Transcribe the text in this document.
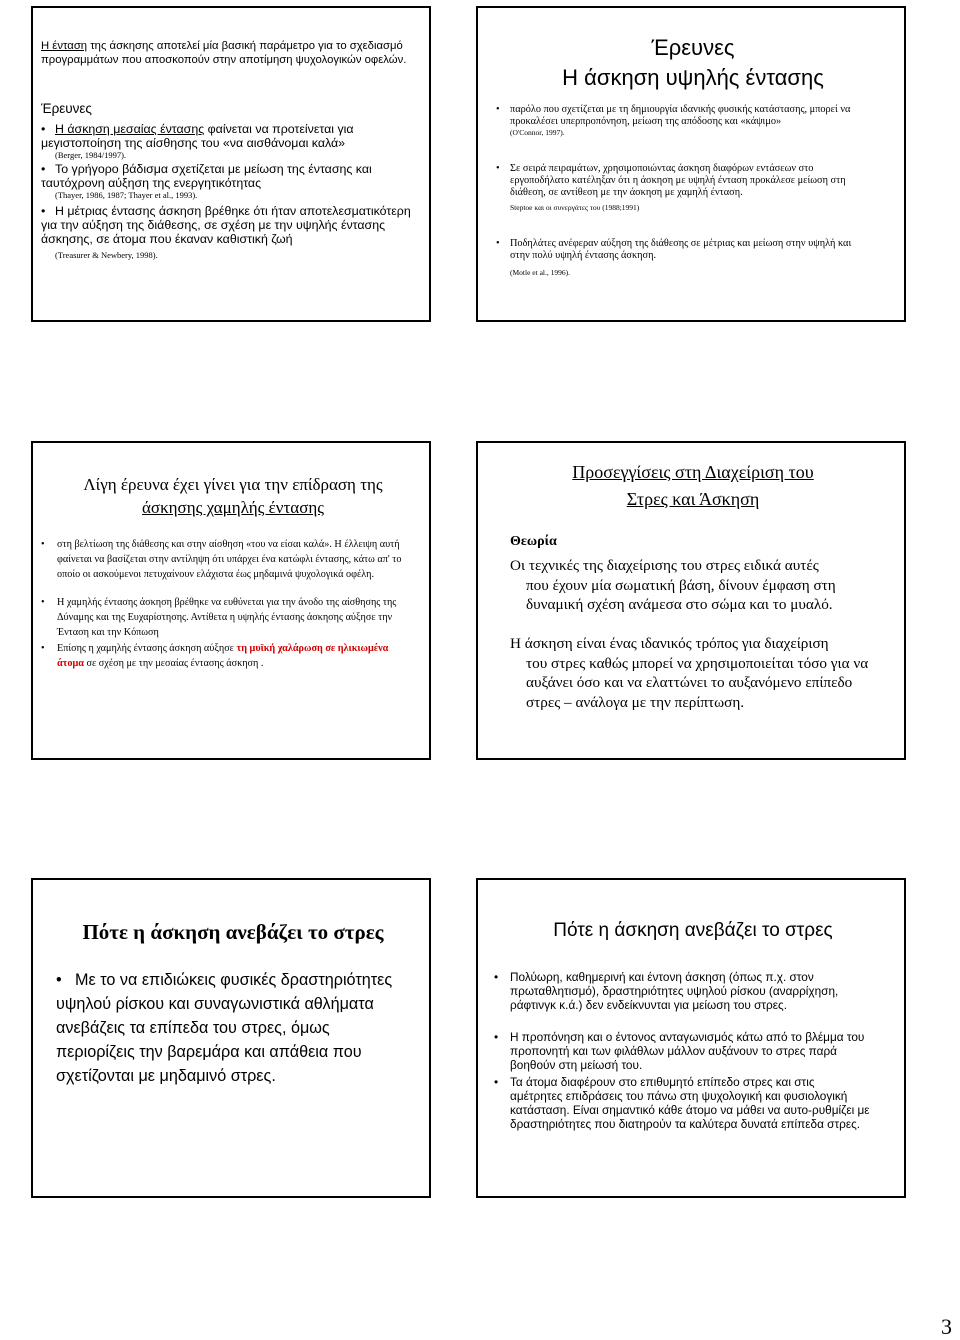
Η ένταση της άσκησης αποτελεί μία βασική παράμετρο για το σχεδιασμό προγραμμάτων που αποσκοπούν στην αποτίμηση ψυχολογικών οφελών.
Έρευνες
• Η άσκηση μεσαίας έντασης φαίνεται να προτείνεται για μεγιστοποίηση της αίσθησης του «να αισθάνομαι καλά»
(Berger, 1984/1997).
• Το γρήγορο βάδισμα σχετίζεται με μείωση της έντασης και ταυτόχρονη αύξηση της ενεργητικότητας
(Thayer, 1986, 1987; Thayer et al., 1993).
• Η μέτριας έντασης άσκηση βρέθηκε ότι ήταν αποτελεσματικότερη για την αύξηση της διάθεσης, σε σχέση με την υψηλής έντασης άσκησης, σε άτομα που έκαναν καθιστική ζωή
(Treasurer & Newbery, 1998).
Έρευνες
Η άσκηση υψηλής έντασης
• παρόλο που σχετίζεται με τη δημιουργία ιδανικής φυσικής κατάστασης, μπορεί να προκαλέσει υπερπροπόνηση, μείωση της απόδοσης και «κάψιμο»
(O'Connor, 1997).
• Σε σειρά πειραμάτων, χρησιμοποιώντας άσκηση διαφόρων εντάσεων στο εργοποδήλατο κατέληξαν ότι η άσκηση με υψηλή ένταση προκάλεσε μείωση στη διάθεση, σε αντίθεση με την άσκηση με χαμηλή ένταση.
Steptoe και οι συνεργάτες του (1988;1991)
• Ποδηλάτες ανέφεραν αύξηση της διάθεσης σε μέτριας και μείωση στην υψηλή και στην πολύ υψηλή έντασης άσκηση.
(Motle et al., 1996).
Λίγη έρευνα έχει γίνει για την επίδραση της
άσκησης χαμηλής έντασης
• στη βελτίωση της διάθεσης και στην αίσθηση «του να είσαι καλά». Η έλλειψη αυτή φαίνεται να βασίζεται στην αντίληψη ότι υπάρχει ένα κατώφλι έντασης, κάτω απ' το οποίο οι ασκούμενοι πετυχαίνουν ελάχιστα έως μηδαμινά ψυχολογικά οφέλη.
• Η χαμηλής έντασης άσκηση βρέθηκε να ευθύνεται για την άνοδο της αίσθησης της Δύναμης και της Ευχαρίστησης. Αντίθετα η υψηλής έντασης άσκησης αύξησε την Ένταση και την Κόπωση
• Επίσης η χαμηλής έντασης άσκηση αύξησε τη μυϊκή χαλάρωση σε ηλικιωμένα άτομα σε σχέση με την μεσαίας έντασης άσκηση .
Προσεγγίσεις στη Διαχείριση του
Στρες και Άσκηση
Θεωρία
Οι τεχνικές της διαχείρισης του στρες ειδικά αυτές
που έχουν μία σωματική βάση, δίνουν έμφαση στη δυναμική σχέση ανάμεσα στο σώμα και το μυαλό.
Η άσκηση είναι ένας ιδανικός τρόπος για διαχείριση
του στρες καθώς μπορεί να χρησιμοποιείται τόσο για να αυξάνει όσο και να ελαττώνει το αυξανόμενο επίπεδο στρες – ανάλογα με την περίπτωση.
Πότε η άσκηση ανεβάζει το στρες
• Με το να επιδιώκεις φυσικές δραστηριότητες υψηλού ρίσκου και συναγωνιστικά αθλήματα ανεβάζεις τα επίπεδα του στρες, όμως περιορίζεις την βαρεμάρα και απάθεια που σχετίζονται με μηδαμινό στρες.
Πότε η άσκηση ανεβάζει το στρες
• Πολύωρη, καθημερινή και έντονη άσκηση (όπως π.χ. στον πρωταθλητισμό), δραστηριότητες υψηλού ρίσκου (αναρρίχηση, ράφτινγκ κ.ά.) δεν ενδείκνυνται για μείωση του στρες.
• Η προπόνηση και ο έντονος ανταγωνισμός κάτω από το βλέμμα του προπονητή και των φιλάθλων μάλλον αυξάνουν το στρες παρά βοηθούν στη μείωσή του.
• Τα άτομα διαφέρουν στο επιθυμητό επίπεδο στρες και στις αμέτρητες επιδράσεις του πάνω στη ψυχολογική και φυσιολογική κατάσταση. Είναι σημαντικό κάθε άτομο να μάθει να αυτο-ρυθμίζει με δραστηριότητες που διατηρούν τα καλύτερα δυνατά επίπεδα στρες.
3
